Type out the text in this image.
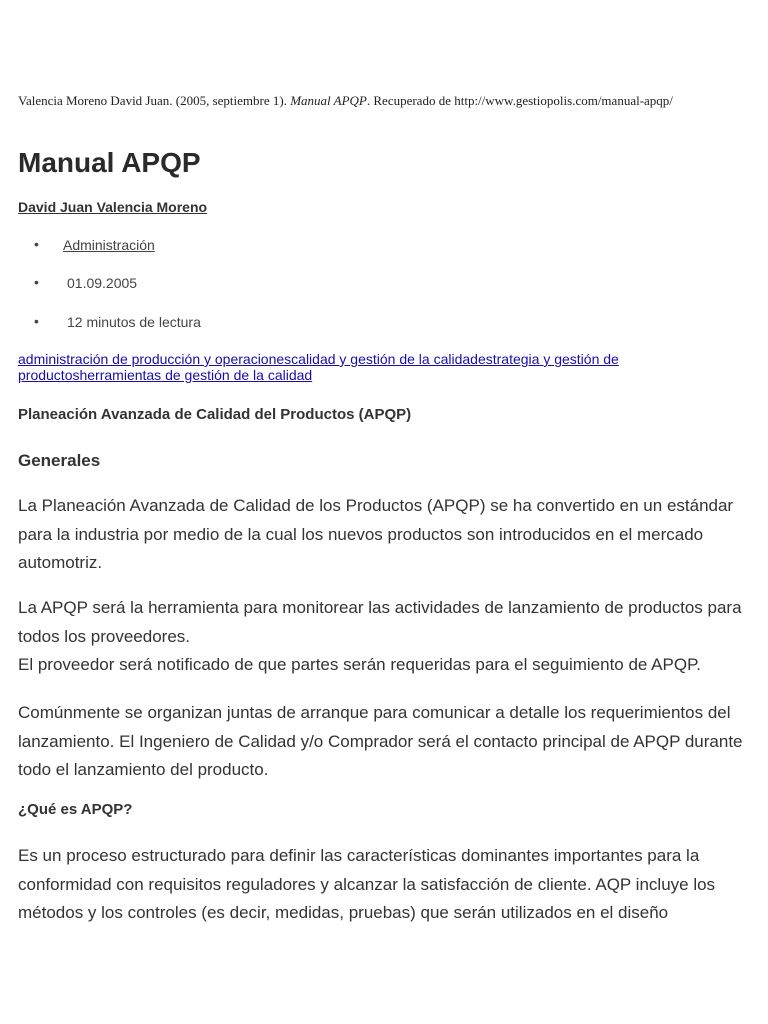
Valencia Moreno David Juan. (2005, septiembre 1). Manual APQP. Recuperado de http://www.gestiopolis.com/manual-apqp/
Manual APQP
David Juan Valencia Moreno
• Administración
• 01.09.2005
• 12 minutos de lectura
administración de producción y operacionescalidad y gestión de la calidadestrategia y gestión de productosherramientas de gestión de la calidad
Planeación Avanzada de Calidad del Productos (APQP)
Generales

La Planeación Avanzada de Calidad de los Productos (APQP) se ha convertido en un estándar para la industria por medio de la cual los nuevos productos son introducidos en el mercado automotriz.

La APQP será la herramienta para monitorear las actividades de lanzamiento de productos para todos los proveedores.
El proveedor será notificado de que partes serán requeridas para el seguimiento de APQP.

Comúnmente se organizan juntas de arranque para comunicar a detalle los requerimientos del lanzamiento. El Ingeniero de Calidad y/o Comprador será el contacto principal de APQP durante todo el lanzamiento del producto.

¿Qué es APQP?

Es un proceso estructurado para definir las características dominantes importantes para la conformidad con requisitos reguladores y alcanzar la satisfacción de cliente. AQP incluye los métodos y los controles (es decir, medidas, pruebas) que serán utilizados en el diseño
